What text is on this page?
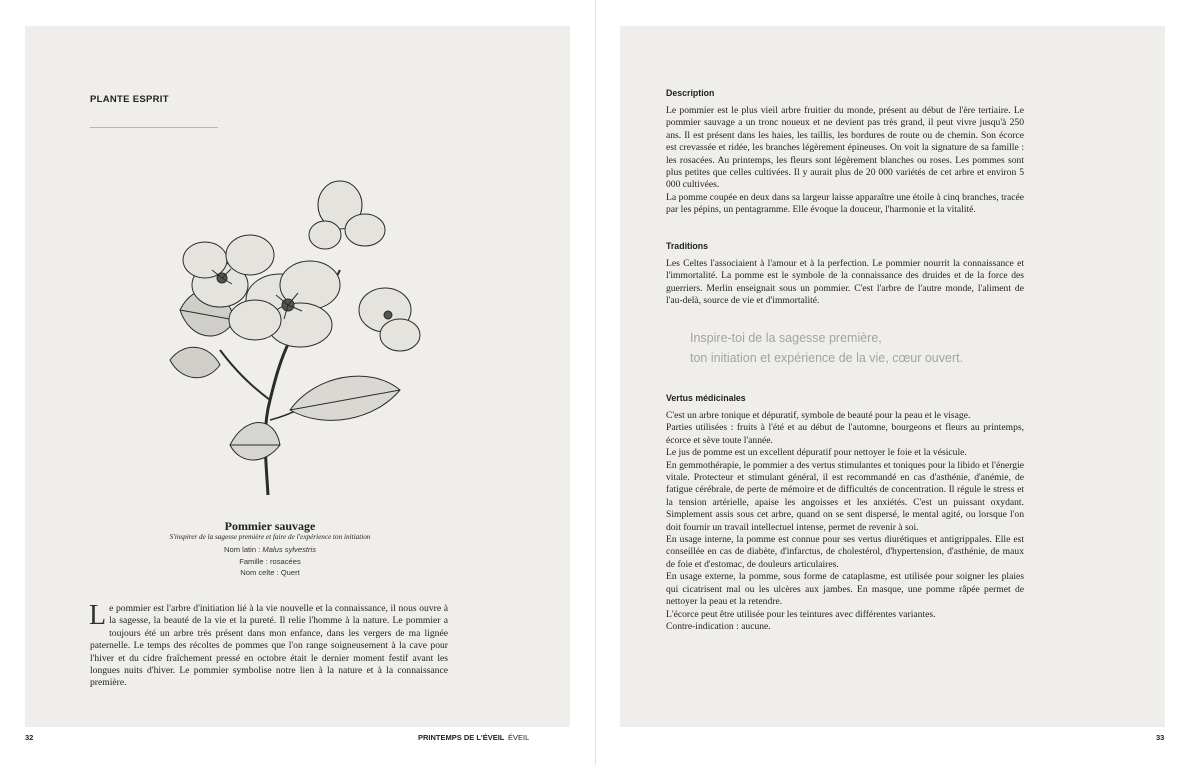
PLANTE ESPRIT
Pommier sauvage
S'inspirer de la sagesse première et faire de l'expérience ton initiation
Nom latin : Malus sylvestris
Famille : rosacées
Nom celte : Quert
Le pommier est l'arbre d'initiation lié à la vie nouvelle et la connaissance, il nous ouvre à la sagesse, la beauté de la vie et la pureté. Il relie l'homme à la nature. Le pommier a toujours été un arbre très présent dans mon enfance, dans les vergers de ma lignée paternelle. Le temps des récoltes de pommes que l'on range soigneusement à la cave pour l'hiver et du cidre fraîchement pressé en octobre était le dernier moment festif avant les longues nuits d'hiver. Le pommier symbolise notre lien à la nature et à la connaissance première.
Description
Le pommier est le plus vieil arbre fruitier du monde, présent au début de l'ère tertiaire. Le pommier sauvage a un tronc noueux et ne devient pas très grand, il peut vivre jusqu'à 250 ans. Il est présent dans les haies, les taillis, les bordures de route ou de chemin. Son écorce est crevassée et ridée, les branches légèrement épineuses. On voit la signature de sa famille : les rosacées. Au printemps, les fleurs sont légèrement blanches ou roses. Les pommes sont plus petites que celles cultivées. Il y aurait plus de 20 000 variétés de cet arbre et environ 5 000 cultivées.
La pomme coupée en deux dans sa largeur laisse apparaître une étoile à cinq branches, tracée par les pépins, un pentagramme. Elle évoque la douceur, l'harmonie et la vitalité.
Traditions
Les Celtes l'associaient à l'amour et à la perfection. Le pommier nourrit la connaissance et l'immortalité. La pomme est le symbole de la connaissance des druides et de la force des guerriers. Merlin enseignait sous un pommier. C'est l'arbre de l'autre monde, l'aliment de l'au-delà, source de vie et d'immortalité.
Inspire-toi de la sagesse première,
ton initiation et expérience de la vie, cœur ouvert.
Vertus médicinales
C'est un arbre tonique et dépuratif, symbole de beauté pour la peau et le visage.
Parties utilisées : fruits à l'été et au début de l'automne, bourgeons et fleurs au printemps, écorce et sève toute l'année.
Le jus de pomme est un excellent dépuratif pour nettoyer le foie et la vésicule.
En gemmothérapie, le pommier a des vertus stimulantes et toniques pour la libido et l'énergie vitale. Protecteur et stimulant général, il est recommandé en cas d'asthénie, d'anémie, de fatigue cérébrale, de perte de mémoire et de difficultés de concentration. Il régule le stress et la tension artérielle, apaise les angoisses et les anxiétés. C'est un puissant oxydant. Simplement assis sous cet arbre, quand on se sent dispersé, le mental agité, ou lorsque l'on doit fournir un travail intellectuel intense, permet de revenir à soi.
En usage interne, la pomme est connue pour ses vertus diurétiques et antigrippales. Elle est conseillée en cas de diabète, d'infarctus, de cholestérol, d'hypertension, d'asthénie, de maux de foie et d'estomac, de douleurs articulaires.
En usage externe, la pomme, sous forme de cataplasme, est utilisée pour soigner les plaies qui cicatrisent mal ou les ulcères aux jambes. En masque, une pomme râpée permet de nettoyer la peau et la retendre.
L'écorce peut être utilisée pour les teintures avec différentes variantes.
Contre-indication : aucune.
32	PRINTEMPS DE L'ÉVEIL ÉVEIL	33
